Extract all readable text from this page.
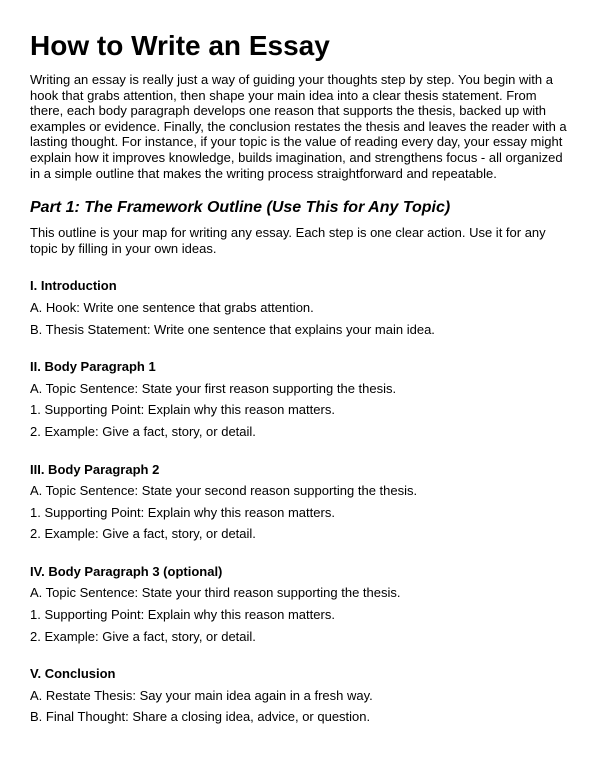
How to Write an Essay

Writing an essay is really just a way of guiding your thoughts step by step. You begin with a hook that grabs attention, then shape your main idea into a clear thesis statement. From there, each body paragraph develops one reason that supports the thesis, backed up with examples or evidence. Finally, the conclusion restates the thesis and leaves the reader with a lasting thought. For instance, if your topic is the value of reading every day, your essay might explain how it improves knowledge, builds imagination, and strengthens focus - all organized in a simple outline that makes the writing process straightforward and repeatable.

Part 1: The Framework Outline (Use This for Any Topic)

This outline is your map for writing any essay. Each step is one clear action. Use it for any topic by filling in your own ideas.

I. Introduction

A. Hook: Write one sentence that grabs attention.

B. Thesis Statement: Write one sentence that explains your main idea.

II. Body Paragraph 1

A. Topic Sentence: State your first reason supporting the thesis.

1. Supporting Point: Explain why this reason matters.

2. Example: Give a fact, story, or detail.

III. Body Paragraph 2

A. Topic Sentence: State your second reason supporting the thesis.

1. Supporting Point: Explain why this reason matters.

2. Example: Give a fact, story, or detail.

IV. Body Paragraph 3 (optional)

A. Topic Sentence: State your third reason supporting the thesis.

1. Supporting Point: Explain why this reason matters.

2. Example: Give a fact, story, or detail.

V. Conclusion

A. Restate Thesis: Say your main idea again in a fresh way.

B. Final Thought: Share a closing idea, advice, or question.
